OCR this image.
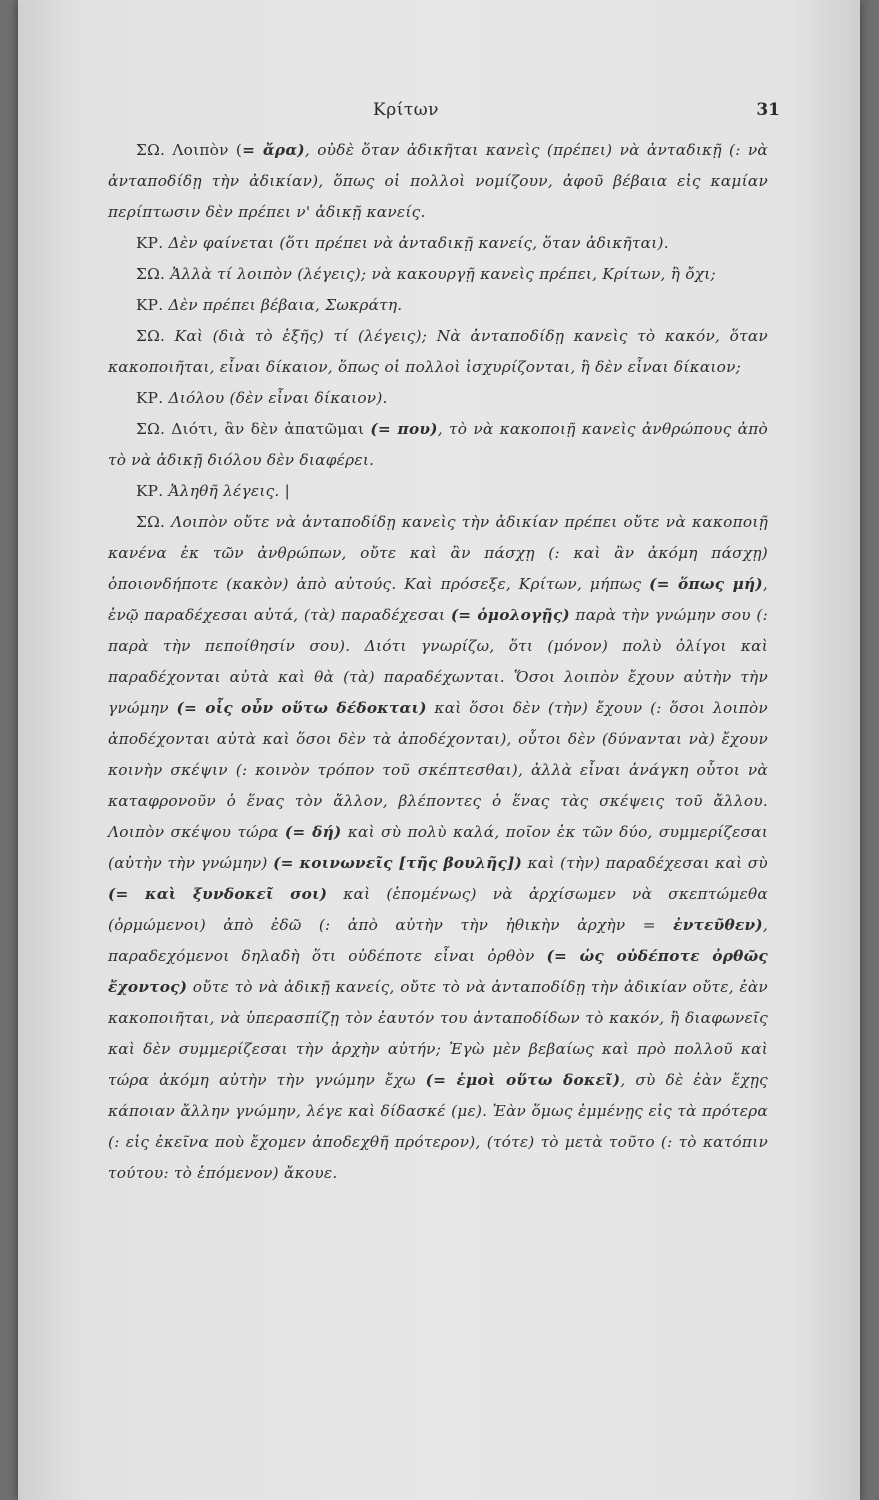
Κρίτων	31

ΣΩ. Λοιπὸν (= ἄρα), οὐδὲ ὅταν ἀδικῆται κανεὶς (πρέπει) νὰ ἀνταδικῇ (: νὰ ἀνταποδίδῃ τὴν ἀδικίαν), ὅπως οἱ πολλοὶ νομίζουν, ἀφοῦ βέβαια εἰς καμίαν περίπτωσιν δὲν πρέπει ν' ἀδικῇ κανείς.

ΚΡ. Δὲν φαίνεται (ὅτι πρέπει νὰ ἀνταδικῇ κανείς, ὅταν ἀδικῆται).

ΣΩ. Ἀλλὰ τί λοιπὸν (λέγεις); νὰ κακουργῇ κανεὶς πρέπει, Κρίτων, ἢ ὄχι;

ΚΡ. Δὲν πρέπει βέβαια, Σωκράτη.

ΣΩ. Καὶ (διὰ τὸ ἑξῆς) τί (λέγεις); Νὰ ἀνταποδίδῃ κανεὶς τὸ κακόν, ὅταν κακοποιῆται, εἶναι δίκαιον, ὅπως οἱ πολλοὶ ἰσχυρίζονται, ἢ δὲν εἶναι δίκαιον;

ΚΡ. Διόλου (δὲν εἶναι δίκαιον).

ΣΩ. Διότι, ἂν δὲν ἀπατῶμαι (= που), τὸ νὰ κακοποιῇ κανεὶς ἀνθρώπους ἀπὸ τὸ νὰ ἀδικῇ διόλου δὲν διαφέρει.

ΚΡ. Ἀληθῆ λέγεις. |

ΣΩ. Λοιπὸν οὔτε νὰ ἀνταποδίδῃ κανεὶς τὴν ἀδικίαν πρέπει οὔτε νὰ κακοποιῇ κανένα ἐκ τῶν ἀνθρώπων, οὔτε καὶ ἂν πάσχῃ (: καὶ ἂν ἀκόμη πάσχῃ) ὁποιονδήποτε (κακὸν) ἀπὸ αὐτούς. Καὶ πρόσεξε, Κρίτων, μήπως (= ὅπως μή), ἐνῷ παραδέχεσαι αὐτά, (τὰ) παραδέχεσαι (= ὁμολογῇς) παρὰ τὴν γνώμην σου (: παρὰ τὴν πεποίθησίν σου). Διότι γνωρίζω, ὅτι (μόνον) πολὺ ὀλίγοι καὶ παραδέχονται αὐτὰ καὶ θὰ (τὰ) παραδέχωνται. Ὅσοι λοιπὸν ἔχουν αὐτὴν τὴν γνώμην (= οἷς οὖν οὕτω δέδοκται) καὶ ὅσοι δὲν (τὴν) ἔχουν (: ὅσοι λοιπὸν ἀποδέχονται αὐτὰ καὶ ὅσοι δὲν τὰ ἀποδέχονται), οὗτοι δὲν (δύνανται νὰ) ἔχουν κοινὴν σκέψιν (: κοινὸν τρόπον τοῦ σκέπτεσθαι), ἀλλὰ εἶναι ἀνάγκη οὗτοι νὰ καταφρονοῦν ὁ ἕνας τὸν ἄλλον, βλέποντες ὁ ἕνας τὰς σκέψεις τοῦ ἄλλου. Λοιπὸν σκέψου τώρα (= δή) καὶ σὺ πολὺ καλά, ποῖον ἐκ τῶν δύο, συμμερίζεσαι (αὐτὴν τὴν γνώμην) (= κοινωνεῖς [τῆς βουλῆς]) καὶ (τὴν) παραδέχεσαι καὶ σὺ (= καὶ ξυνδοκεῖ σοι) καὶ (ἑπομένως) νὰ ἀρχίσωμεν νὰ σκεπτώμεθα (ὁρμώμενοι) ἀπὸ ἐδῶ (: ἀπὸ αὐτὴν τὴν ἠθικὴν ἀρχὴν = ἐντεῦθεν), παραδεχόμενοι δηλαδὴ ὅτι οὐδέποτε εἶναι ὀρθὸν (= ὡς οὐδέποτε ὀρθῶς ἔχοντος) οὔτε τὸ νὰ ἀδικῇ κανείς, οὔτε τὸ νὰ ἀνταποδίδῃ τὴν ἀδικίαν οὔτε, ἐὰν κακοποιῆται, νὰ ὑπερασπίζῃ τὸν ἑαυτόν του ἀνταποδίδων τὸ κακόν, ἢ διαφωνεῖς καὶ δὲν συμμερίζεσαι τὴν ἀρχὴν αὐτήν; Ἐγὼ μὲν βεβαίως καὶ πρὸ πολλοῦ καὶ τώρα ἀκόμη αὐτὴν τὴν γνώμην ἔχω (= ἐμοὶ οὕτω δοκεῖ), σὺ δὲ ἐὰν ἔχῃς κάποιαν ἄλλην γνώμην, λέγε καὶ δίδασκέ (με). Ἐὰν ὅμως ἐμμένῃς εἰς τὰ πρότερα (: εἰς ἐκεῖνα ποὺ ἔχομεν ἀποδεχθῆ πρότερον), (τότε) τὸ μετὰ τοῦτο (: τὸ κατόπιν τούτου: τὸ ἑπόμενον) ἄκουε.
